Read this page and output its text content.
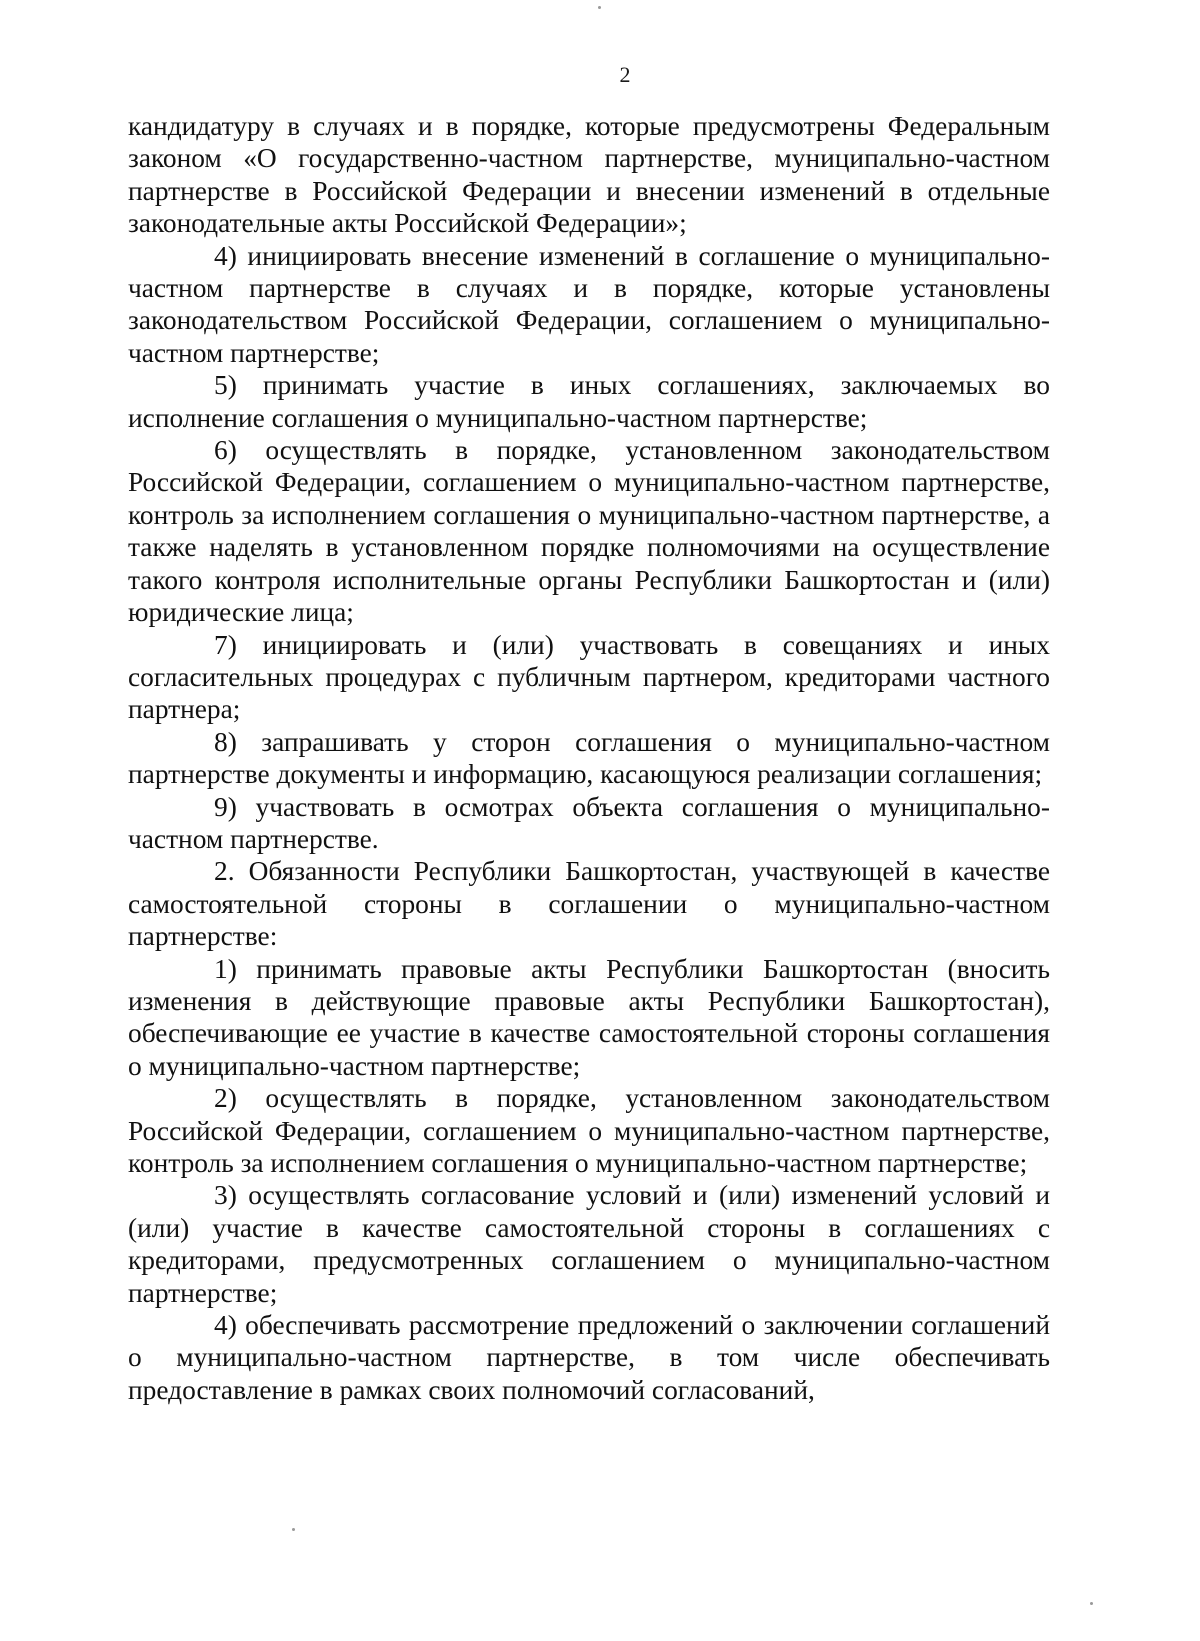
2

кандидатуру в случаях и в порядке, которые предусмотрены Федеральным законом «О государственно-частном партнерстве, муниципально-частном партнерстве в Российской Федерации и внесении изменений в отдельные законодательные акты Российской Федерации»;

4) инициировать внесение изменений в соглашение о муниципально-частном партнерстве в случаях и в порядке, которые установлены законодательством Российской Федерации, соглашением о муниципально-частном партнерстве;

5) принимать участие в иных соглашениях, заключаемых во исполнение соглашения о муниципально-частном партнерстве;

6) осуществлять в порядке, установленном законодательством Российской Федерации, соглашением о муниципально-частном партнерстве, контроль за исполнением соглашения о муниципально-частном партнерстве, а также наделять в установленном порядке полномочиями на осуществление такого контроля исполнительные органы Республики Башкортостан и (или) юридические лица;

7) инициировать и (или) участвовать в совещаниях и иных согласительных процедурах с публичным партнером, кредиторами частного партнера;

8) запрашивать у сторон соглашения о муниципально-частном партнерстве документы и информацию, касающуюся реализации соглашения;

9) участвовать в осмотрах объекта соглашения о муниципально-частном партнерстве.

2. Обязанности Республики Башкортостан, участвующей в качестве самостоятельной стороны в соглашении о муниципально-частном партнерстве:

1) принимать правовые акты Республики Башкортостан (вносить изменения в действующие правовые акты Республики Башкортостан), обеспечивающие ее участие в качестве самостоятельной стороны соглашения о муниципально-частном партнерстве;

2) осуществлять в порядке, установленном законодательством Российской Федерации, соглашением о муниципально-частном партнерстве, контроль за исполнением соглашения о муниципально-частном партнерстве;

3) осуществлять согласование условий и (или) изменений условий и (или) участие в качестве самостоятельной стороны в соглашениях с кредиторами, предусмотренных соглашением о муниципально-частном партнерстве;

4) обеспечивать рассмотрение предложений о заключении соглашений о муниципально-частном партнерстве, в том числе обеспечивать предоставление в рамках своих полномочий согласований,
